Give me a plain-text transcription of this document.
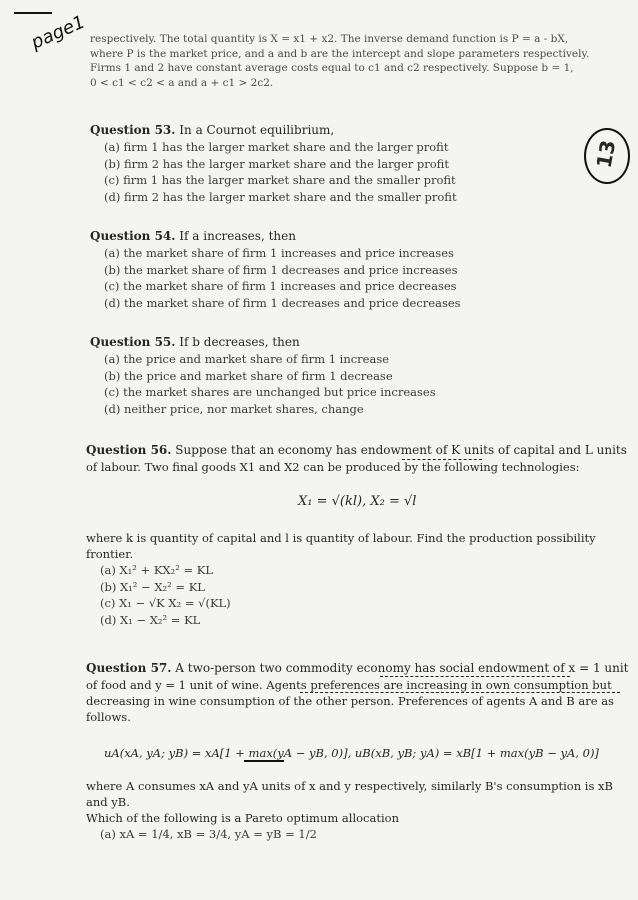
page1
13
respectively. The total quantity is X = x1 + x2. The inverse demand function is P = a - bX,
where P is the market price, and a and b are the intercept and slope parameters respectively.
Firms 1 and 2 have constant average costs equal to c1 and c2 respectively. Suppose b = 1,
0 < c1 < c2 < a and a + c1 > 2c2.
Question 53. In a Cournot equilibrium,
(a) firm 1 has the larger market share and the larger profit
(b) firm 2 has the larger market share and the larger profit
(c) firm 1 has the larger market share and the smaller profit
(d) firm 2 has the larger market share and the smaller profit
Question 54. If a increases, then
(a) the market share of firm 1 increases and price increases
(b) the market share of firm 1 decreases and price increases
(c) the market share of firm 1 increases and price decreases
(d) the market share of firm 1 decreases and price decreases
Question 55. If b decreases, then
(a) the price and market share of firm 1 increase
(b) the price and market share of firm 1 decrease
(c) the market shares are unchanged but price increases
(d) neither price, nor market shares, change
Question 56. Suppose that an economy has endowment of K units of capital and L units
of labour. Two final goods X1 and X2 can be produced by the following technologies:
X₁ = √(kl), X₂ = √l
where k is quantity of capital and l is quantity of labour. Find the production possibility
frontier.
(a) X₁² + KX₂² = KL
(b) X₁² − X₂² = KL
(c) X₁ − √K X₂ = √(KL)
(d) X₁ − X₂² = KL
Question 57. A two-person two commodity economy has social endowment of x = 1 unit
of food and y = 1 unit of wine. Agents preferences are increasing in own consumption but
decreasing in wine consumption of the other person. Preferences of agents A and B are as
follows.
uA(xA, yA; yB) = xA[1 + max(yA − yB, 0)], uB(xB, yB; yA) = xB[1 + max(yB − yA, 0)]
where A consumes xA and yA units of x and y respectively, similarly B's consumption is xB
and yB.
Which of the following is a Pareto optimum allocation
(a) xA = 1/4, xB = 3/4, yA = yB = 1/2
